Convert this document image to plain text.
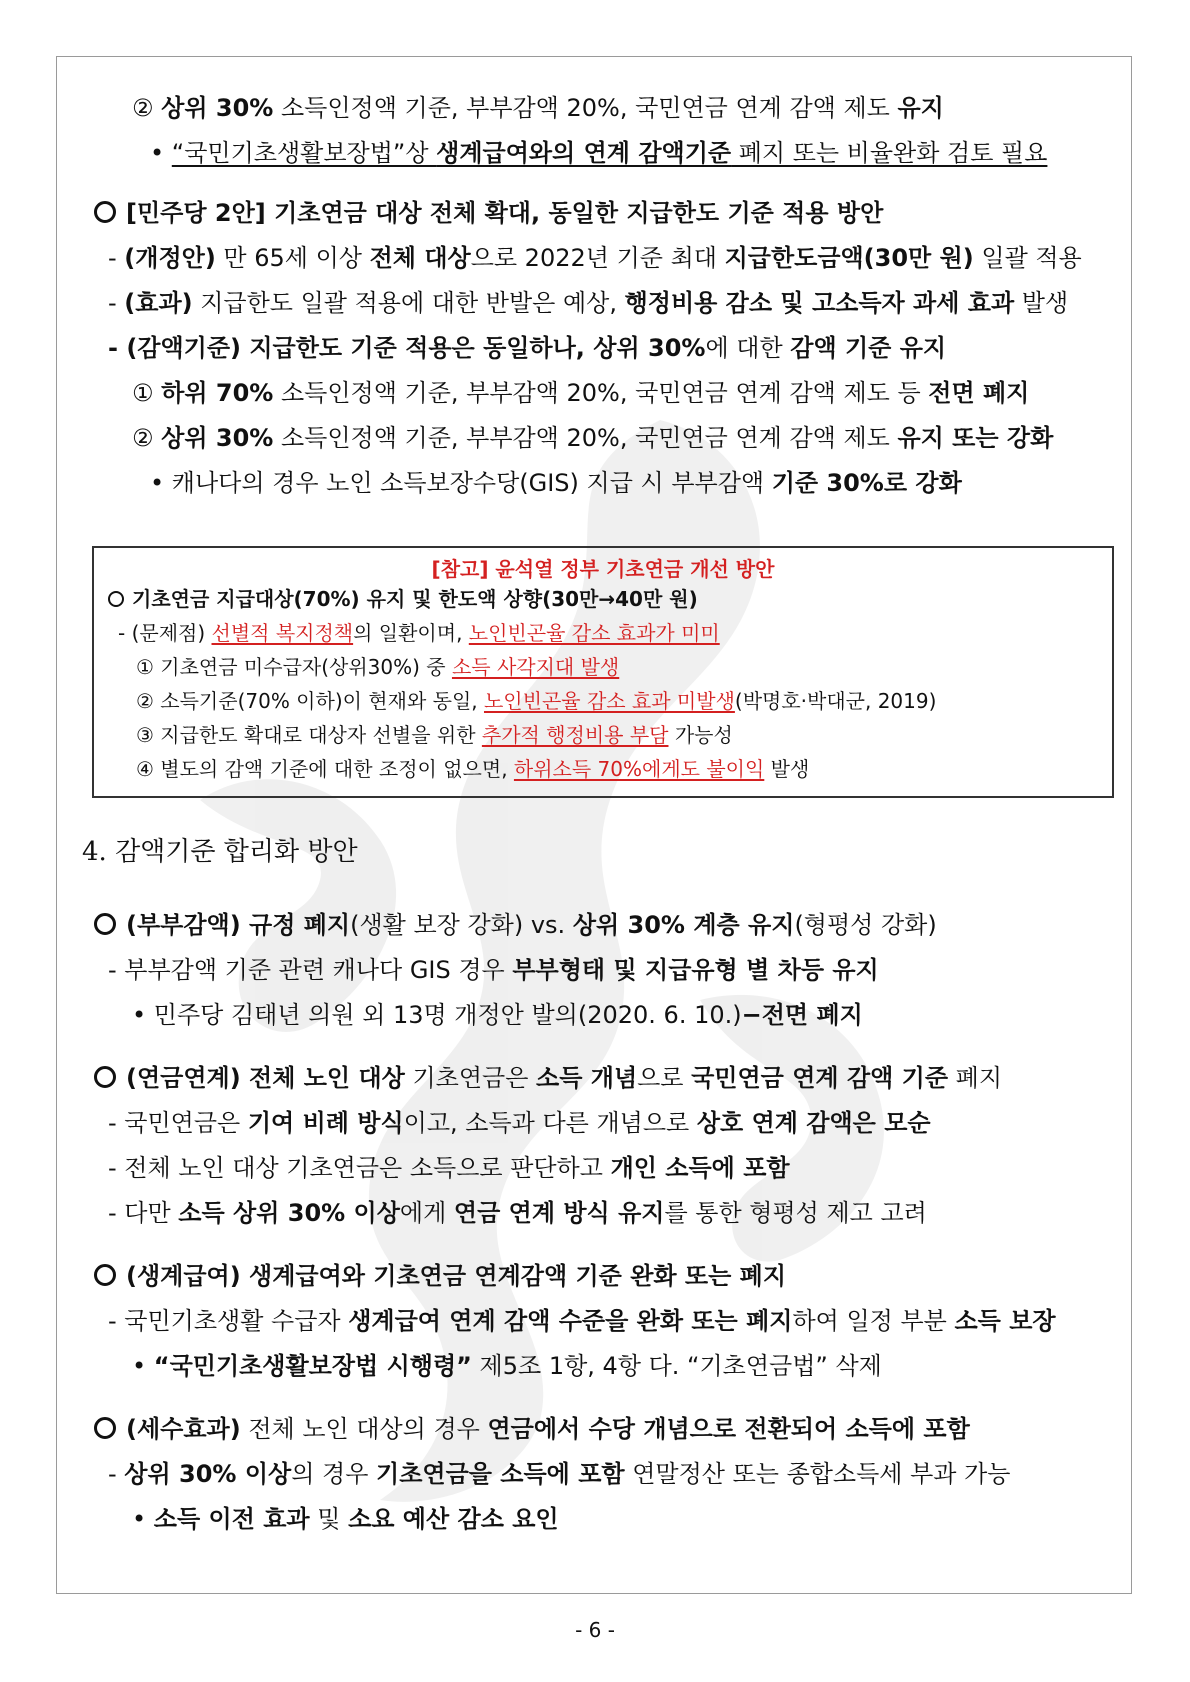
② 상위 30% 소득인정액 기준, 부부감액 20%, 국민연금 연계 감액 제도 유지
• “국민기초생활보장법”상 생계급여와의 연계 감액기준 폐지 또는 비율완화 검토 필요
[민주당 2안] 기초연금 대상 전체 확대, 동일한 지급한도 기준 적용 방안
- (개정안) 만 65세 이상 전체 대상으로 2022년 기준 최대 지급한도금액(30만 원) 일괄 적용
- (효과) 지급한도 일괄 적용에 대한 반발은 예상, 행정비용 감소 및 고소득자 과세 효과 발생
- (감액기준) 지급한도 기준 적용은 동일하나, 상위 30%에 대한 감액 기준 유지
① 하위 70% 소득인정액 기준, 부부감액 20%, 국민연금 연계 감액 제도 등 전면 폐지
② 상위 30% 소득인정액 기준, 부부감액 20%, 국민연금 연계 감액 제도 유지 또는 강화
• 캐나다의 경우 노인 소득보장수당(GIS) 지급 시 부부감액 기준 30%로 강화
[참고] 윤석열 정부 기초연금 개선 방안
기초연금 지급대상(70%) 유지 및 한도액 상향(30만→40만 원)
- (문제점) 선별적 복지정책의 일환이며, 노인빈곤율 감소 효과가 미미
① 기초연금 미수급자(상위30%) 중 소득 사각지대 발생
② 소득기준(70% 이하)이 현재와 동일, 노인빈곤율 감소 효과 미발생(박명호·박대군, 2019)
③ 지급한도 확대로 대상자 선별을 위한 추가적 행정비용 부담 가능성
④ 별도의 감액 기준에 대한 조정이 없으면, 하위소득 70%에게도 불이익 발생
4. 감액기준 합리화 방안
(부부감액) 규정 폐지(생활 보장 강화) vs. 상위 30% 계층 유지(형평성 강화)
- 부부감액 기준 관련 캐나다 GIS 경우 부부형태 및 지급유형 별 차등 유지
• 민주당 김태년 의원 외 13명 개정안 발의(2020. 6. 10.)−전면 폐지
(연금연계) 전체 노인 대상 기초연금은 소득 개념으로 국민연금 연계 감액 기준 폐지
- 국민연금은 기여 비례 방식이고, 소득과 다른 개념으로 상호 연계 감액은 모순
- 전체 노인 대상 기초연금은 소득으로 판단하고 개인 소득에 포함
- 다만 소득 상위 30% 이상에게 연금 연계 방식 유지를 통한 형평성 제고 고려
(생계급여) 생계급여와 기초연금 연계감액 기준 완화 또는 폐지
- 국민기초생활 수급자 생계급여 연계 감액 수준을 완화 또는 폐지하여 일정 부분 소득 보장
• “국민기초생활보장법 시행령” 제5조 1항, 4항 다. “기초연금법” 삭제
(세수효과) 전체 노인 대상의 경우 연금에서 수당 개념으로 전환되어 소득에 포함
- 상위 30% 이상의 경우 기초연금을 소득에 포함 연말정산 또는 종합소득세 부과 가능
• 소득 이전 효과 및 소요 예산 감소 요인
- 6 -
